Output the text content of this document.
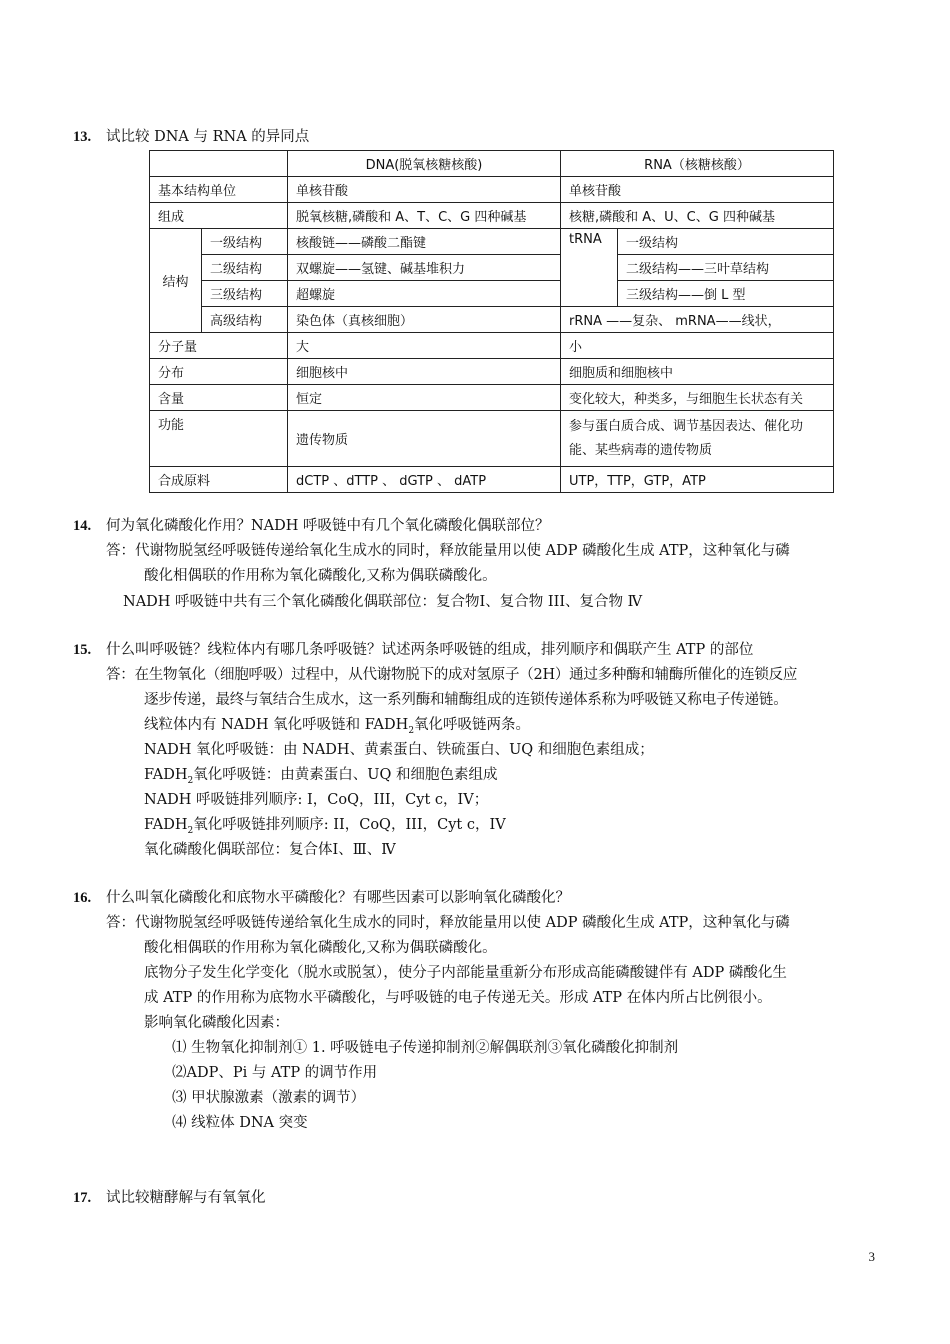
13. 试比较 DNA 与 RNA 的异同点
		DNA(脱氧核糖核酸)	RNA（核糖核酸）	
基本结构单位		单核苷酸	单核苷酸	
组成		脱氧核糖,磷酸和 A、T、C、G 四种碱基	核糖,磷酸和 A、U、C、G 四种碱基	
结构	一级结构	核酸链——磷酸二酯键	tRNA	一级结构
	二级结构	双螺旋——氢键、碱基堆积力		二级结构——三叶草结构
	三级结构	超螺旋		三级结构——倒 L 型
	高级结构	染色体（真核细胞）	rRNA ——复杂、 mRNA——线状，	
分子量		大	小	
分布		细胞核中	细胞质和细胞核中	
含量		恒定	变化较大，种类多，与细胞生长状态有关	
功能		遗传物质	参与蛋白质合成、调节基因表达、催化功能、某些病毒的遗传物质	
合成原料		dCTP 、dTTP 、 dGTP 、 dATP	UTP，TTP，GTP，ATP	
14. 何为氧化磷酸化作用？NADH 呼吸链中有几个氧化磷酸化偶联部位？
答：代谢物脱氢经呼吸链传递给氧化生成水的同时，释放能量用以使 ADP 磷酸化生成 ATP，这种氧化与磷
酸化相偶联的作用称为氧化磷酸化,又称为偶联磷酸化。
NADH 呼吸链中共有三个氧化磷酸化偶联部位：复合物Ⅰ、复合物 III、复合物 Ⅳ
15. 什么叫呼吸链？线粒体内有哪几条呼吸链？试述两条呼吸链的组成，排列顺序和偶联产生 ATP 的部位
答：在生物氧化（细胞呼吸）过程中，从代谢物脱下的成对氢原子（2H）通过多种酶和辅酶所催化的连锁反应
逐步传递，最终与氧结合生成水，这一系列酶和辅酶组成的连锁传递体系称为呼吸链又称电子传递链。
线粒体内有 NADH 氧化呼吸链和 $FADH_2$氧化呼吸链两条。
NADH 氧化呼吸链：由 NADH、黄素蛋白、铁硫蛋白、UQ 和细胞色素组成；
$FADH_2$氧化呼吸链：由黄素蛋白、UQ 和细胞色素组成
NADH 呼吸链排列顺序: I，CoQ，III，Cyt c，IV；
$FADH_2$氧化呼吸链排列顺序: II，CoQ，III，Cyt c，IV
氧化磷酸化偶联部位：复合体Ⅰ、Ⅲ、Ⅳ
16. 什么叫氧化磷酸化和底物水平磷酸化？有哪些因素可以影响氧化磷酸化？
答：代谢物脱氢经呼吸链传递给氧化生成水的同时，释放能量用以使 ADP 磷酸化生成 ATP，这种氧化与磷
酸化相偶联的作用称为氧化磷酸化,又称为偶联磷酸化。
底物分子发生化学变化（脱水或脱氢），使分子内部能量重新分布形成高能磷酸键伴有 ADP 磷酸化生
成 ATP 的作用称为底物水平磷酸化，与呼吸链的电子传递无关。形成 ATP 在体内所占比例很小。
影响氧化磷酸化因素：
⑴ 生物氧化抑制剂① 1. 呼吸链电子传递抑制剂②解偶联剂③氧化磷酸化抑制剂
⑵ADP、Pi 与 ATP 的调节作用
⑶ 甲状腺激素（激素的调节）
⑷ 线粒体 DNA 突变
17. 试比较糖酵解与有氧氧化
3
